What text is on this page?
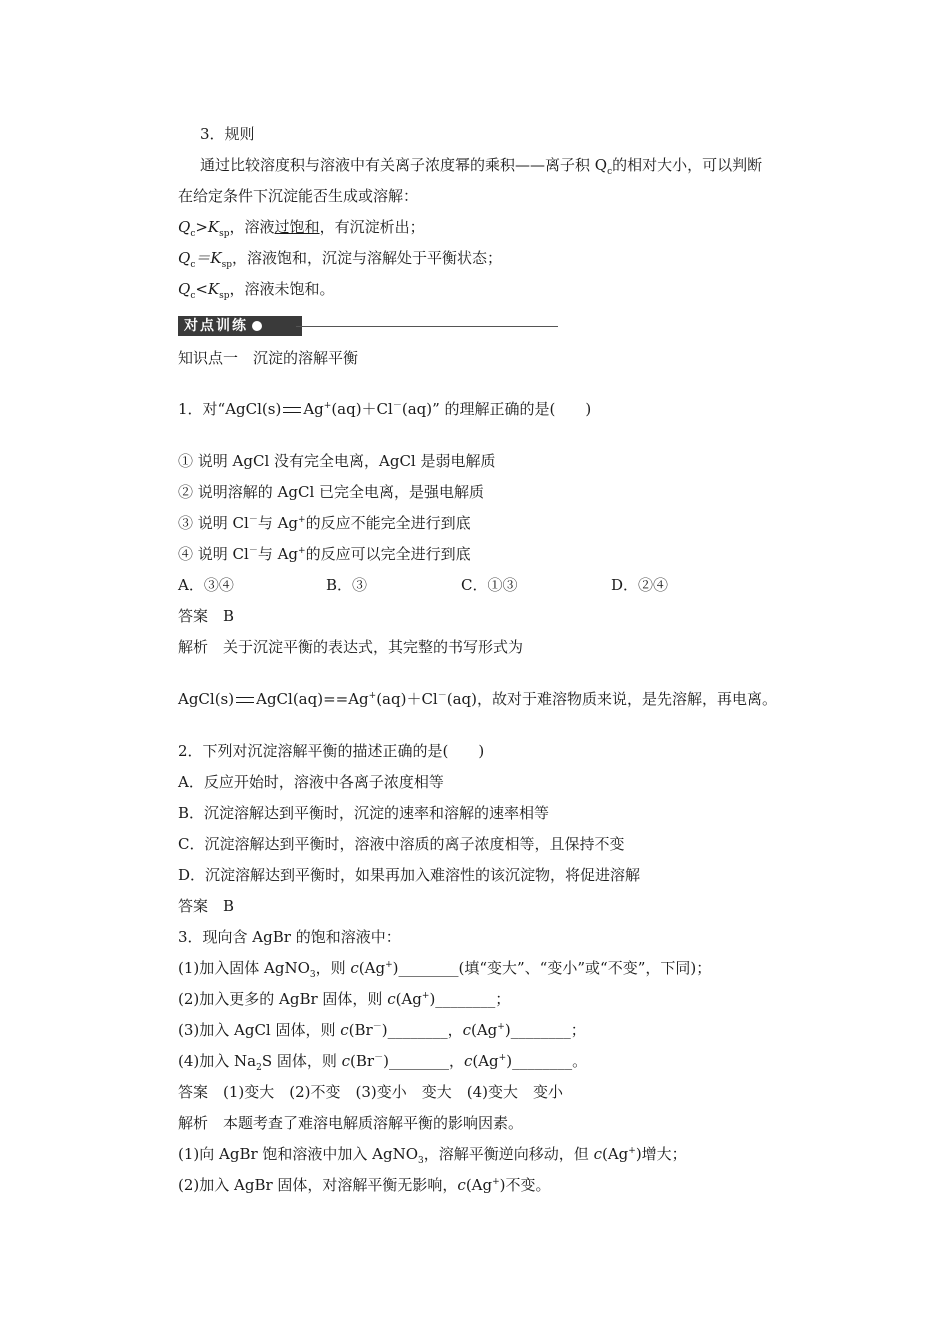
3．规则
通过比较溶度积与溶液中有关离子浓度幂的乘积——离子积 $Q_c$的相对大小，可以判断
在给定条件下沉淀能否生成或溶解：
$Q_c>K_{sp}$，溶液过饱和，有沉淀析出；
$Q_c=K_{sp}$，溶液饱和，沉淀与溶解处于平衡状态；
$Q_c<K_{sp}$，溶液未饱和。
对点训练
知识点一　沉淀的溶解平衡
1．对“AgCl(s) Ag+(aq)＋Cl－(aq)” 的理解正确的是(　　)
① 说明 AgCl 没有完全电离，AgCl 是弱电解质
② 说明溶解的 AgCl 已完全电离，是强电解质
③ 说明 Cl－与 Ag+的反应不能完全进行到底
④ 说明 Cl－与 Ag+的反应可以完全进行到底
A．③④	B．③	C．①③	D．②④
答案　B
解析　关于沉淀平衡的表达式，其完整的书写形式为
AgCl(s) AgCl(aq)==Ag+(aq)＋Cl－(aq)，故对于难溶物质来说，是先溶解，再电离。
2．下列对沉淀溶解平衡的描述正确的是(　　)
A．反应开始时，溶液中各离子浓度相等
B．沉淀溶解达到平衡时，沉淀的速率和溶解的速率相等
C．沉淀溶解达到平衡时，溶液中溶质的离子浓度相等，且保持不变
D．沉淀溶解达到平衡时，如果再加入难溶性的该沉淀物，将促进溶解
答案　B
3．现向含 AgBr 的饱和溶液中：
(1)加入固体 AgNO$_3$，则 c(Ag+)________(填“变大”、“变小”或“不变”，下同)；
(2)加入更多的 AgBr 固体，则 c(Ag+)________；
(3)加入 AgCl 固体，则 c(Br－)________，c(Ag+)________；
(4)加入 $Na_2S$ 固体，则 c(Br－)________，c(Ag+)________。
答案　(1)变大　(2)不变　(3)变小　变大　(4)变大　变小
解析　本题考查了难溶电解质溶解平衡的影响因素。
(1)向 AgBr 饱和溶液中加入 AgNO$_3$，溶解平衡逆向移动，但 c(Ag+)增大；
(2)加入 AgBr 固体，对溶解平衡无影响，c(Ag+)不变。
